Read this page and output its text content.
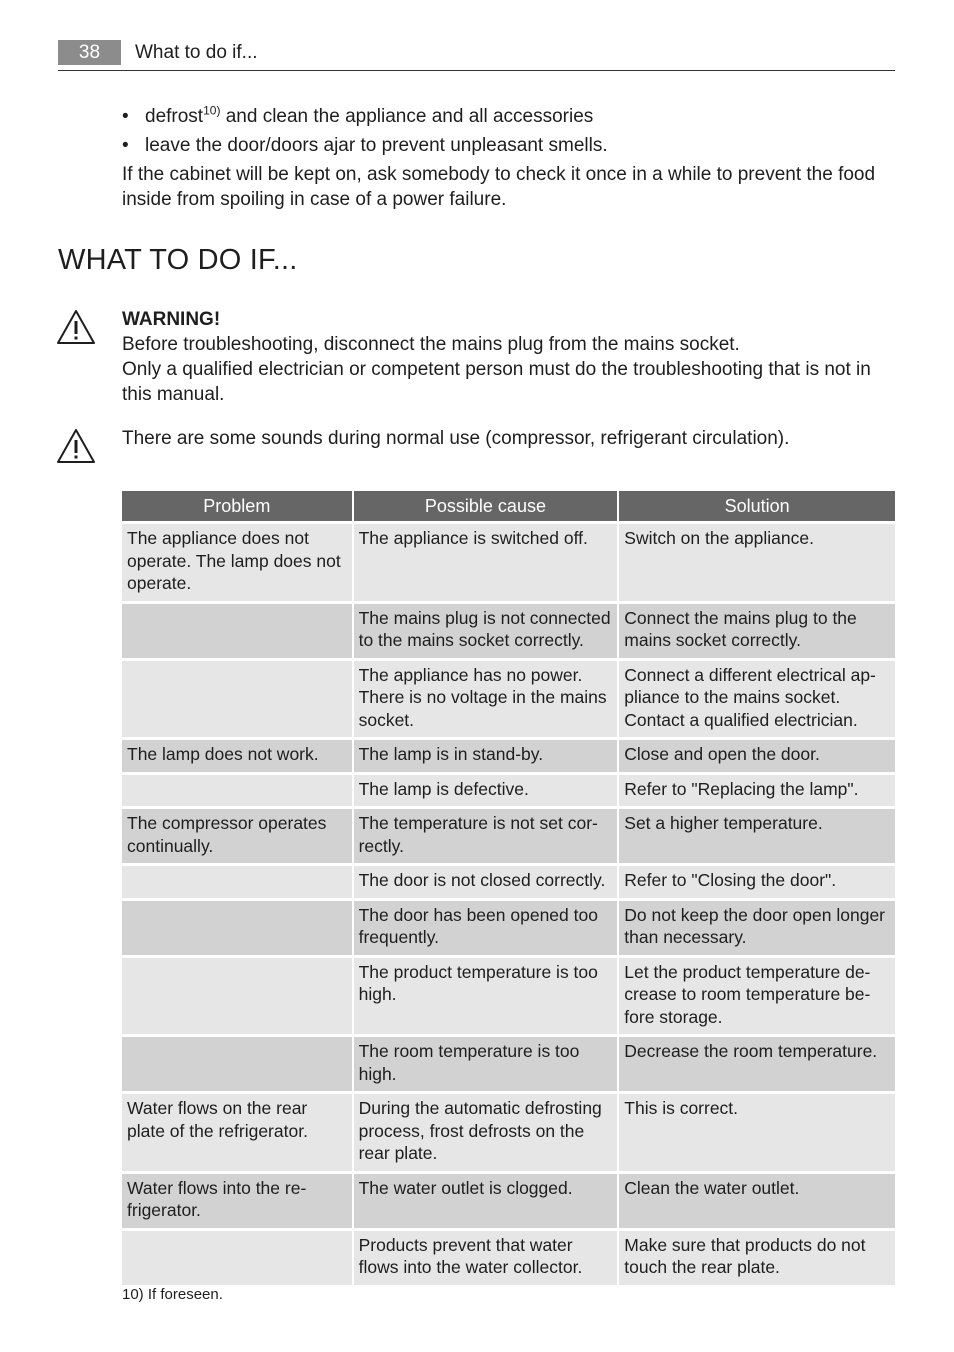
38	What to do if...
• defrost$^{10)}$ and clean the appliance and all accessories
• leave the door/doors ajar to prevent unpleasant smells.
If the cabinet will be kept on, ask somebody to check it once in a while to prevent the food inside from spoiling in case of a power failure.
WHAT TO DO IF...
WARNING!
Before troubleshooting, disconnect the mains plug from the mains socket.
Only a qualified electrician or competent person must do the troubleshooting that is not in this manual.
There are some sounds during normal use (compressor, refrigerant circulation).
Problem	Possible cause	Solution
The appliance does not operate. The lamp does not operate.	The appliance is switched off.	Switch on the appliance.
	The mains plug is not connected to the mains socket correctly.	Connect the mains plug to the mains socket correctly.
	The appliance has no power. There is no voltage in the mains socket.	Connect a different electrical ap-pliance to the mains socket. Contact a qualified electrician.
The lamp does not work.	The lamp is in stand-by.	Close and open the door.
	The lamp is defective.	Refer to "Replacing the lamp".
The compressor operates continually.	The temperature is not set cor-rectly.	Set a higher temperature.
	The door is not closed correctly.	Refer to "Closing the door".
	The door has been opened too frequently.	Do not keep the door open longer than necessary.
	The product temperature is too high.	Let the product temperature de-crease to room temperature be-fore storage.
	The room temperature is too high.	Decrease the room temperature.
Water flows on the rear plate of the refrigerator.	During the automatic defrosting process, frost defrosts on the rear plate.	This is correct.
Water flows into the re-frigerator.	The water outlet is clogged.	Clean the water outlet.
	Products prevent that water flows into the water collector.	Make sure that products do not touch the rear plate.
10) If foreseen.
